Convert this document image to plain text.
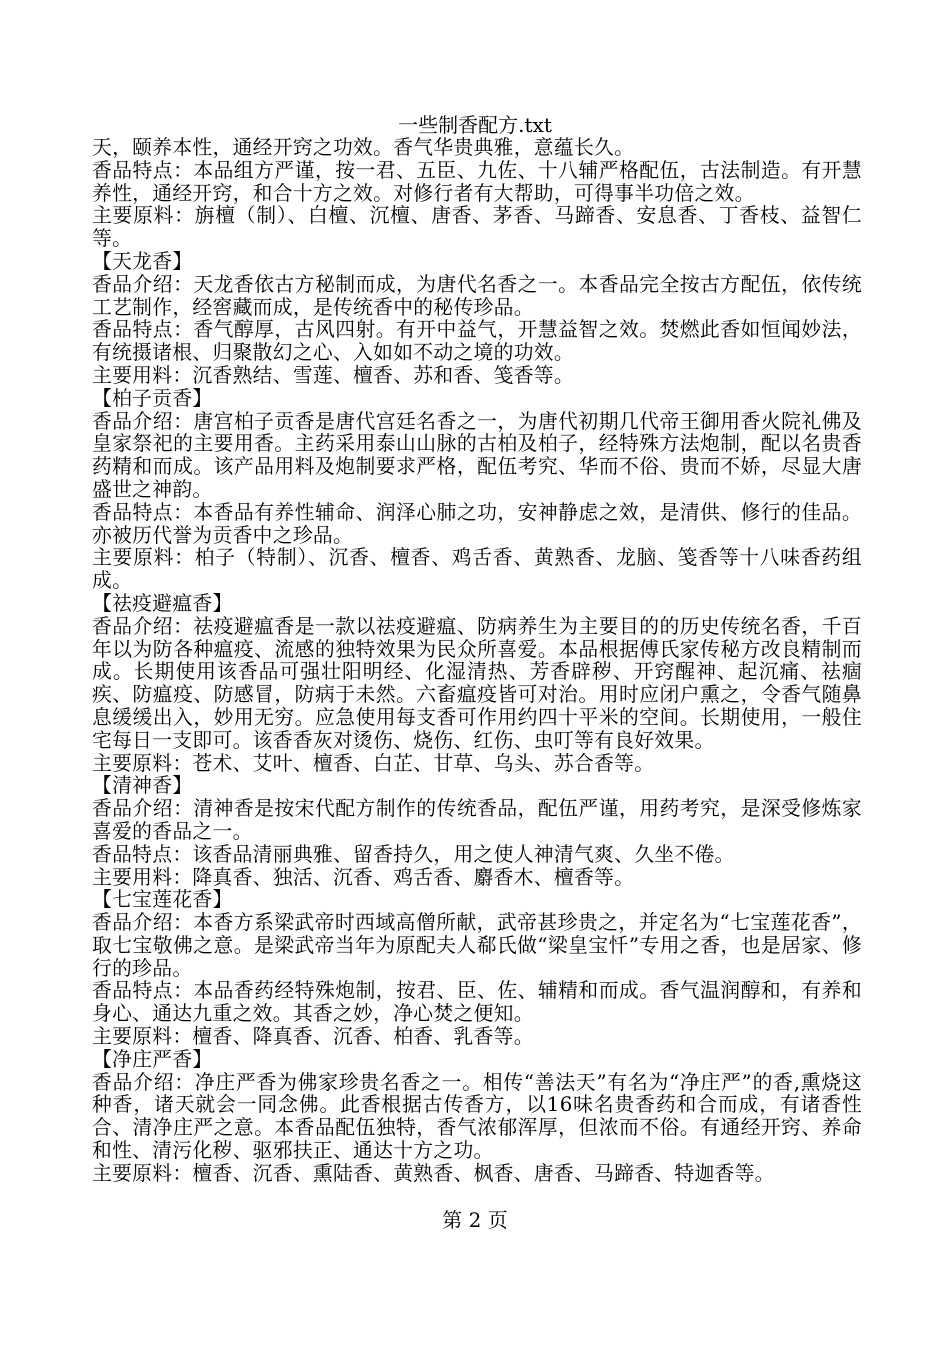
一些制香配方.txt

天，颐养本性，通经开窍之功效。香气华贵典雅，意蕴长久。

香品特点：本品组方严谨，按一君、五臣、九佐、十八辅严格配伍，古法制造。有开慧养性，通经开窍，和合十方之效。对修行者有大帮助，可得事半功倍之效。

主要原料：旃檀（制）、白檀、沉檀、唐香、茅香、马蹄香、安息香、丁香枝、益智仁等。

【天龙香】

香品介绍：天龙香依古方秘制而成，为唐代名香之一。本香品完全按古方配伍，依传统工艺制作，经窖藏而成，是传统香中的秘传珍品。

香品特点：香气醇厚，古风四射。有开中益气，开慧益智之效。焚燃此香如恒闻妙法，有统摄诸根、归聚散幻之心、入如如不动之境的功效。

主要用料：沉香熟结、雪莲、檀香、苏和香、笺香等。

【柏子贡香】

香品介绍：唐宫柏子贡香是唐代宫廷名香之一，为唐代初期几代帝王御用香火院礼佛及皇家祭祀的主要用香。主药采用泰山山脉的古柏及柏子，经特殊方法炮制，配以名贵香药精和而成。该产品用料及炮制要求严格，配伍考究、华而不俗、贵而不娇，尽显大唐盛世之神韵。

香品特点：本香品有养性辅命、润泽心肺之功，安神静虑之效，是清供、修行的佳品。亦被历代誉为贡香中之珍品。

主要原料：柏子（特制）、沉香、檀香、鸡舌香、黄熟香、龙脑、笺香等十八味香药组成。

【祛疫避瘟香】

香品介绍：祛疫避瘟香是一款以祛疫避瘟、防病养生为主要目的的历史传统名香，千百年以为防各种瘟疫、流感的独特效果为民众所喜爱。本品根据傅氏家传秘方改良精制而成。长期使用该香品可强壮阳明经、化湿清热、芳香辟秽、开窍醒神、起沉痛、祛痼疾、防瘟疫、防感冒，防病于未然。六畜瘟疫皆可对治。用时应闭户熏之，令香气随鼻息缓缓出入，妙用无穷。应急使用每支香可作用约四十平米的空间。长期使用，一般住宅每日一支即可。该香香灰对烫伤、烧伤、红伤、虫叮等有良好效果。

主要原料：苍术、艾叶、檀香、白芷、甘草、乌头、苏合香等。

【清神香】

香品介绍：清神香是按宋代配方制作的传统香品，配伍严谨，用药考究，是深受修炼家喜爱的香品之一。

香品特点：该香品清丽典雅、留香持久，用之使人神清气爽、久坐不倦。

主要用料：降真香、独活、沉香、鸡舌香、麝香木、檀香等。

【七宝莲花香】

香品介绍：本香方系梁武帝时西域高僧所献，武帝甚珍贵之，并定名为“七宝莲花香”，取七宝敬佛之意。是梁武帝当年为原配夫人郗氏做“梁皇宝忏”专用之香，也是居家、修行的珍品。

香品特点：本品香药经特殊炮制，按君、臣、佐、辅精和而成。香气温润醇和，有养和身心、通达九重之效。其香之妙，净心焚之便知。

主要原料：檀香、降真香、沉香、柏香、乳香等。

【净庄严香】

香品介绍：净庄严香为佛家珍贵名香之一。相传“善法天”有名为“净庄严”的香,熏烧这种香，诸天就会一同念佛。此香根据古传香方，以16味名贵香药和合而成，有诸香性合、清净庄严之意。本香品配伍独特，香气浓郁浑厚，但浓而不俗。有通经开窍、养命和性、清污化秽、驱邪扶正、通达十方之功。

主要原料：檀香、沉香、熏陆香、黄熟香、枫香、唐香、马蹄香、特迦香等。

第 2 页
